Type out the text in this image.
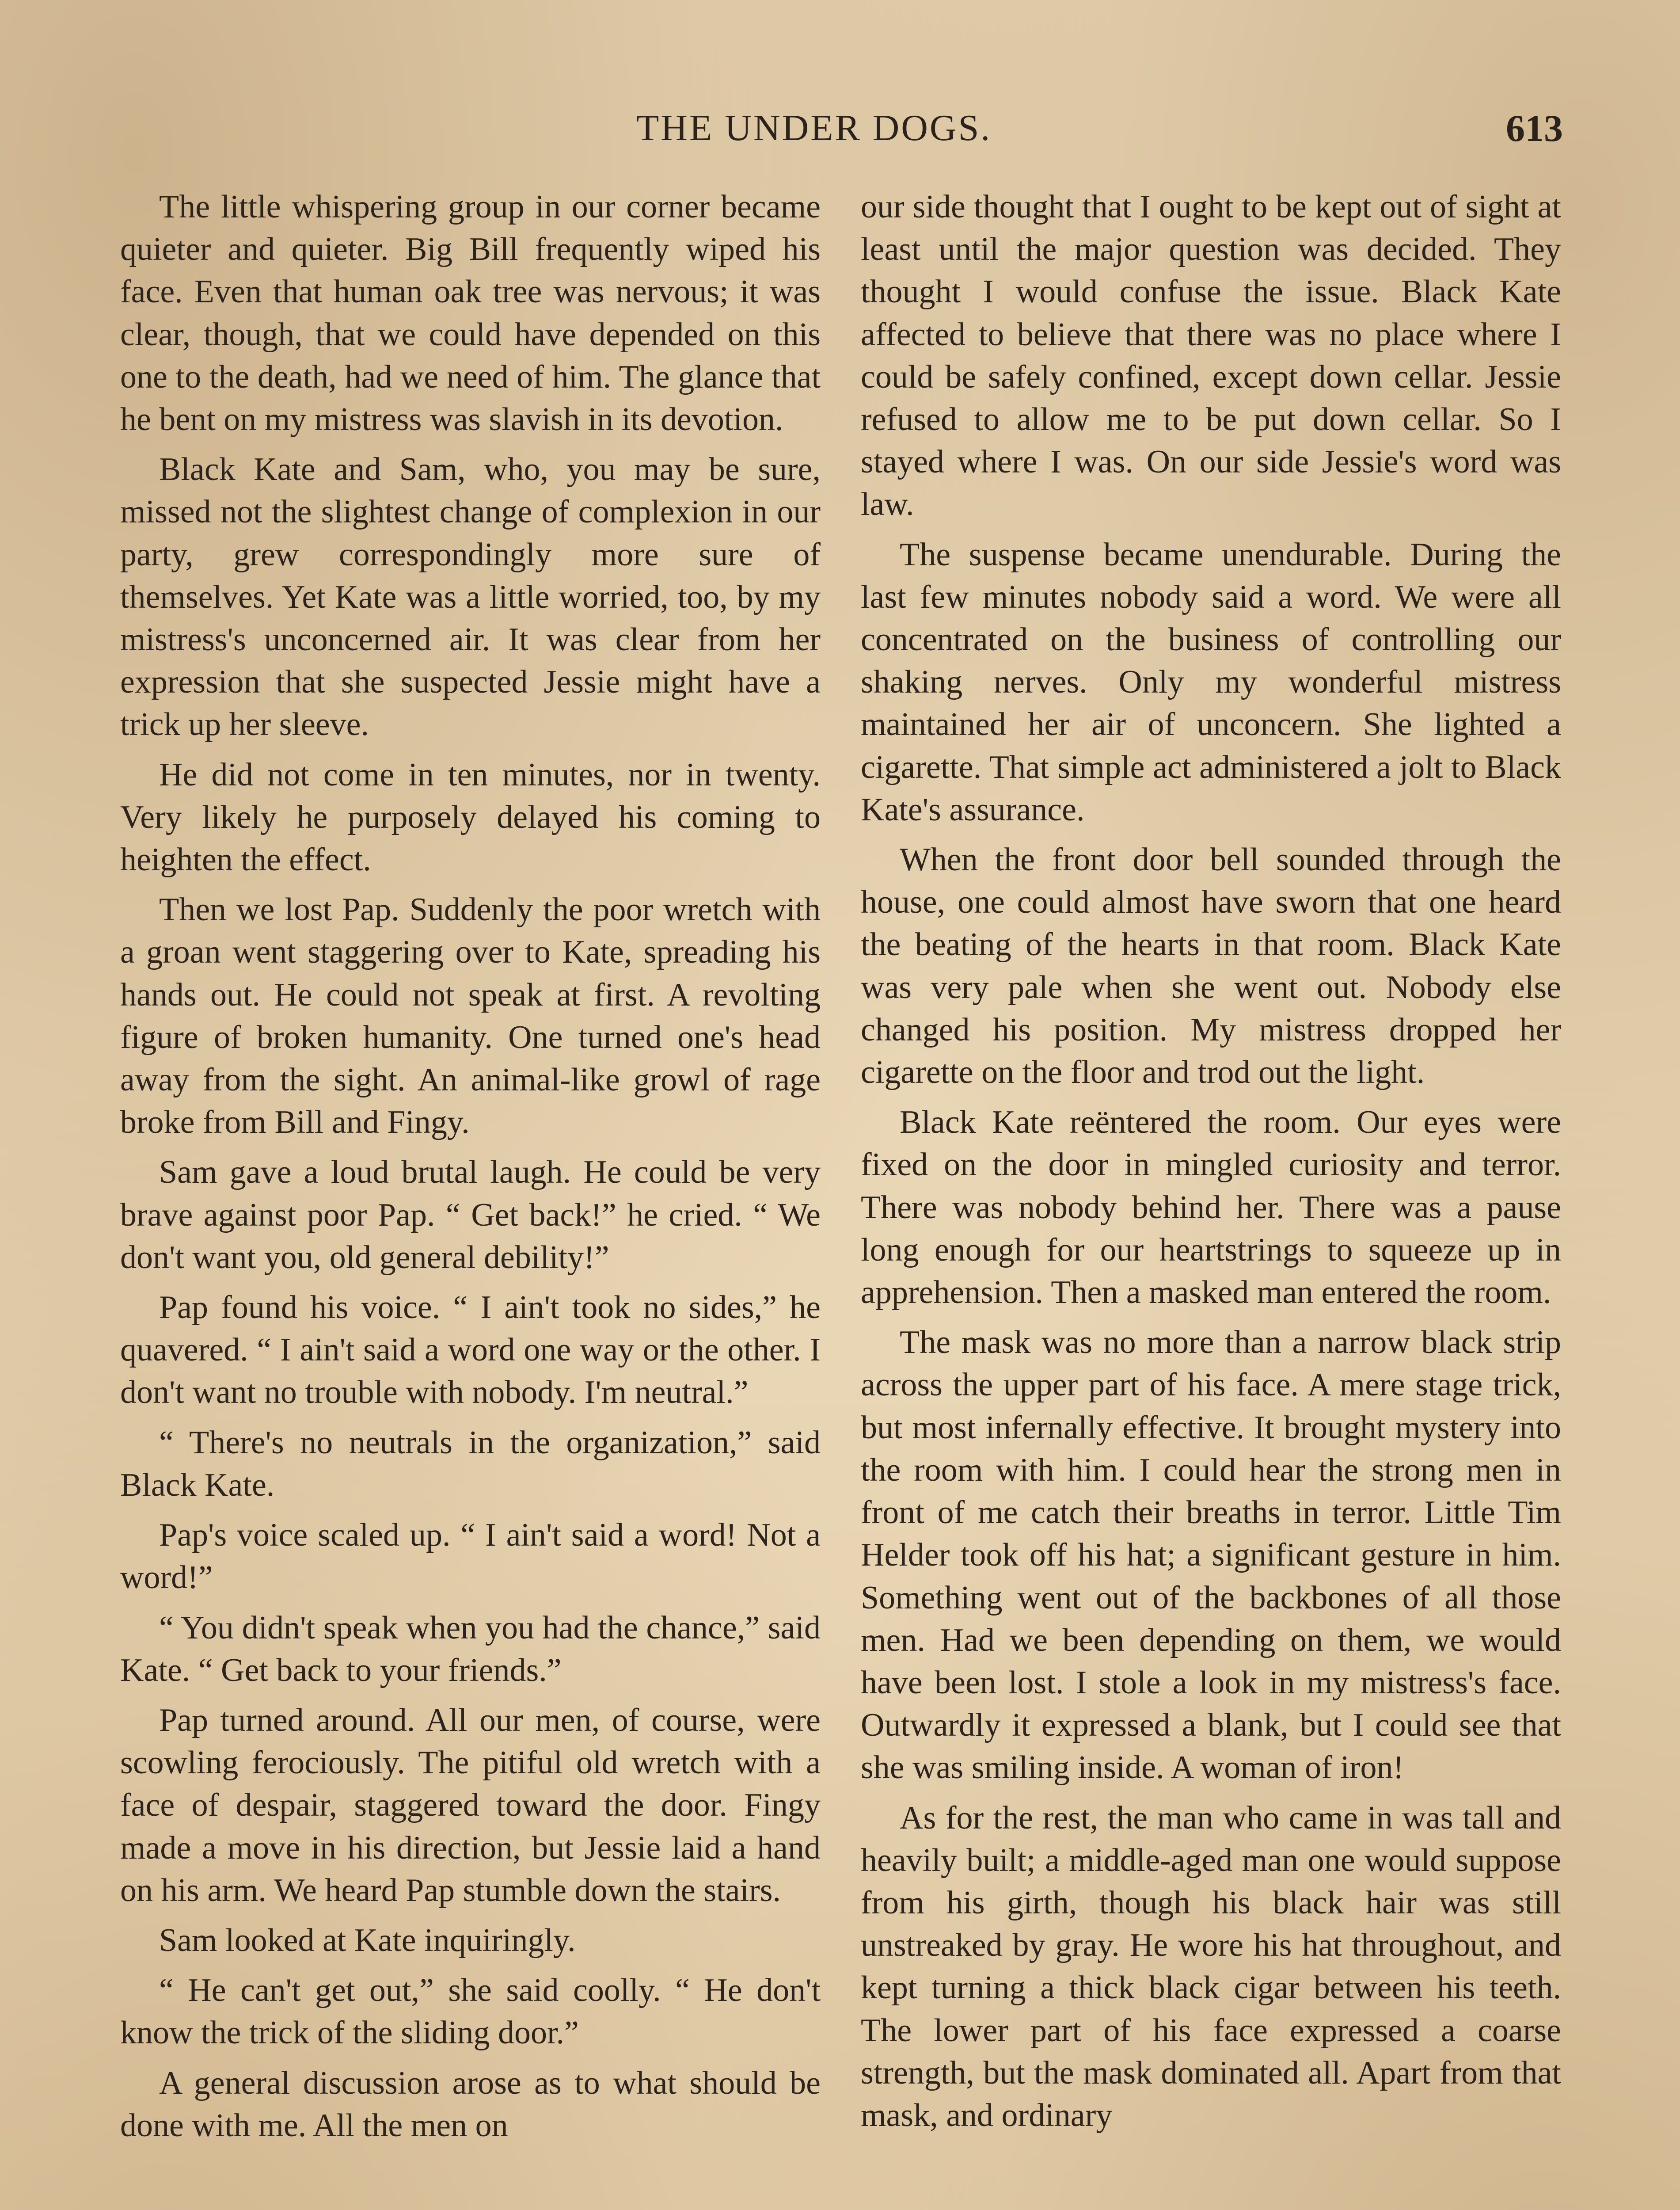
THE UNDER DOGS.	613

The little whispering group in our corner became quieter and quieter. Big Bill frequently wiped his face. Even that human oak tree was nervous; it was clear, though, that we could have depended on this one to the death, had we need of him. The glance that he bent on my mistress was slavish in its devotion.

Black Kate and Sam, who, you may be sure, missed not the slightest change of complexion in our party, grew correspondingly more sure of themselves. Yet Kate was a little worried, too, by my mistress's unconcerned air. It was clear from her expression that she suspected Jessie might have a trick up her sleeve.

He did not come in ten minutes, nor in twenty. Very likely he purposely delayed his coming to heighten the effect.

Then we lost Pap. Suddenly the poor wretch with a groan went staggering over to Kate, spreading his hands out. He could not speak at first. A revolting figure of broken humanity. One turned one's head away from the sight. An animal-like growl of rage broke from Bill and Fingy.

Sam gave a loud brutal laugh. He could be very brave against poor Pap. “ Get back!” he cried. “ We don't want you, old general debility!”

Pap found his voice. “ I ain't took no sides,” he quavered. “ I ain't said a word one way or the other. I don't want no trouble with nobody. I'm neutral.”

“ There's no neutrals in the organization,” said Black Kate.

Pap's voice scaled up. “ I ain't said a word! Not a word!”

“ You didn't speak when you had the chance,” said Kate. “ Get back to your friends.”

Pap turned around. All our men, of course, were scowling ferociously. The pitiful old wretch with a face of despair, staggered toward the door. Fingy made a move in his direction, but Jessie laid a hand on his arm. We heard Pap stumble down the stairs.

Sam looked at Kate inquiringly.

“ He can't get out,” she said coolly. “ He don't know the trick of the sliding door.”

A general discussion arose as to what should be done with me. All the men on

our side thought that I ought to be kept out of sight at least until the major question was decided. They thought I would confuse the issue. Black Kate affected to believe that there was no place where I could be safely confined, except down cellar. Jessie refused to allow me to be put down cellar. So I stayed where I was. On our side Jessie's word was law.

The suspense became unendurable. During the last few minutes nobody said a word. We were all concentrated on the business of controlling our shaking nerves. Only my wonderful mistress maintained her air of unconcern. She lighted a cigarette. That simple act administered a jolt to Black Kate's assurance.

When the front door bell sounded through the house, one could almost have sworn that one heard the beating of the hearts in that room. Black Kate was very pale when she went out. Nobody else changed his position. My mistress dropped her cigarette on the floor and trod out the light.

Black Kate reëntered the room. Our eyes were fixed on the door in mingled curiosity and terror. There was nobody behind her. There was a pause long enough for our heartstrings to squeeze up in apprehension. Then a masked man entered the room.

The mask was no more than a narrow black strip across the upper part of his face. A mere stage trick, but most infernally effective. It brought mystery into the room with him. I could hear the strong men in front of me catch their breaths in terror. Little Tim Helder took off his hat; a significant gesture in him. Something went out of the backbones of all those men. Had we been depending on them, we would have been lost. I stole a look in my mistress's face. Outwardly it expressed a blank, but I could see that she was smiling inside. A woman of iron!

As for the rest, the man who came in was tall and heavily built; a middle-aged man one would suppose from his girth, though his black hair was still unstreaked by gray. He wore his hat throughout, and kept turning a thick black cigar between his teeth. The lower part of his face expressed a coarse strength, but the mask dominated all. Apart from that mask, and ordinary
